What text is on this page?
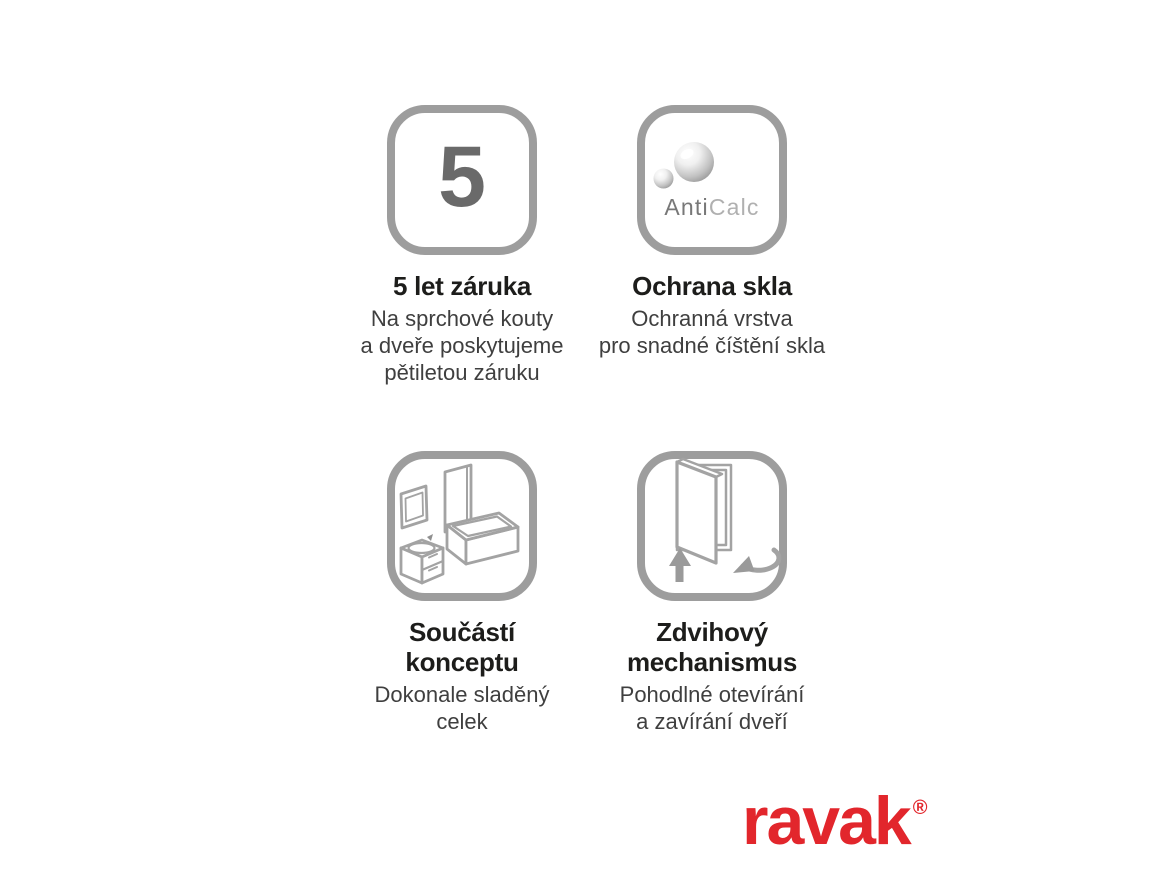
5
5 let záruka
Na sprchové kouty
a dveře poskytujeme
pětiletou záruku
AntiCalc
Ochrana skla
Ochranná vrstva
pro snadné číštění skla
Součástí
konceptu
Dokonale sladěný
celek
Zdvihový
mechanismus
Pohodlné otevírání
a zavírání dveří
ravak ®
